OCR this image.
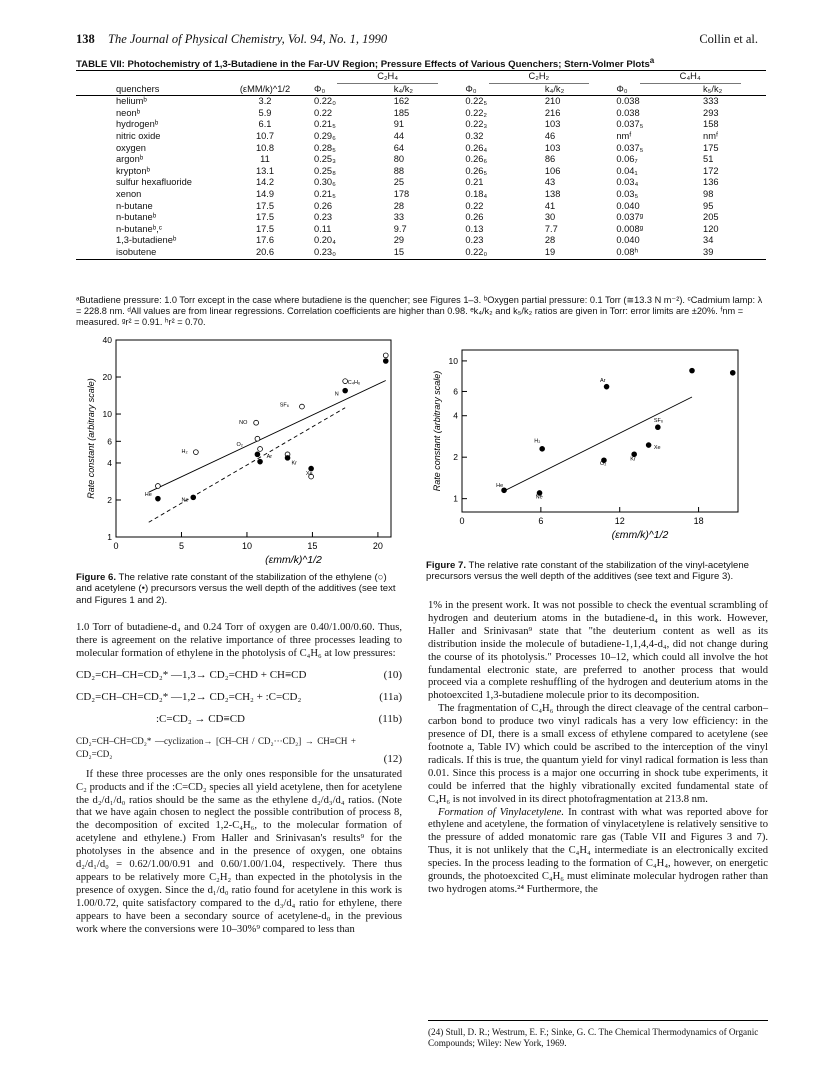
138 The Journal of Physical Chemistry, Vol. 94, No. 1, 1990	Collin et al.
TABLE VII: Photochemistry of 1,3-Butadiene in the Far-UV Region; Pressure Effects of Various Quenchers; Stern-Volmer Plots$^a$
		C₂H₄		C₂H₂		C₄H₄	
quenchers	(εMM/k)^1/2	Φ₀	k₄/k₂	Φ₀	k₄/k₂	Φ₀	k₅/k₂
heliumᵇ	3.2	0.22₀	162	0.22₅	210	0.038	333
neonᵇ	5.9	0.22	185	0.22₂	216	0.038	293
hydrogenᵇ	6.1	0.21₅	91	0.22₃	103	0.037₅	158
nitric oxide	10.7	0.29₆	44	0.32	46	nmᶠ	nmᶠ
oxygen	10.8	0.28₅	64	0.26₄	103	0.037₅	175
argonᵇ	11	0.25₃	80	0.26₆	86	0.06₇	51
kryptonᵇ	13.1	0.25₈	88	0.26₅	106	0.04₁	172
sulfur hexafluoride	14.2	0.30₆	25	0.21	43	0.03₄	136
xenon	14.9	0.21₅	178	0.18₄	138	0.03₅	98
n-butane	17.5	0.26	28	0.22	41	0.040	95
n-butaneᵇ	17.5	0.23	33	0.26	30	0.037ᵍ	205
n-butaneᵇ,ᶜ	17.5	0.11	9.7	0.13	7.7	0.008ᵍ	120
1,3-butadieneᵇ	17.6	0.20₄	29	0.23	28	0.040	34
isobutene	20.6	0.23₀	15	0.22₀	19	0.08ʰ	39
ᵃButadiene pressure: 1.0 Torr except in the case where butadiene is the quencher; see Figures 1–3. ᵇOxygen partial pressure: 0.1 Torr (≅13.3 N m⁻²). ᶜCadmium lamp: λ = 228.8 nm. ᵈAll values are from linear regressions. Correlation coefficients are higher than 0.98. ᵉk₄/k₂ and k₅/k₂ ratios are given in Torr: error limits are ±20%. ᶠnm = measured. ᵍr² = 0.91. ʰr² = 0.70.
0	5	10	15	20
1
2
4
6
10
20
40
(εmm/k)^1/2
Rate constant (arbitrary scale)	He
Ne
H₂
NO
O₂
Ar
Kr
Xe
SF₆
C₄H₆
N
Figure 6. The relative rate constant of the stabilization of the ethylene (○) and acetylene (•) precursors versus the well depth of the additives (see text and Figures 1 and 2).
0	6	12	18
1
2
4
6
10
(εmm/k)^1/2
Rate constant (arbitrary scale)	He
Ne
H₂
O₂
Ar
Kr
Xe
SF₆
Figure 7. The relative rate constant of the stabilization of the vinyl-acetylene precursors versus the well depth of the additives (see text and Figure 3).

1.0 Torr of butadiene-d₄ and 0.24 Torr of oxygen are 0.40/1.00/0.60. Thus, there is agreement on the relative importance of three processes leading to molecular formation of ethylene in the photolysis of C₄H₆ at low pressures:

CD₂=CH–CH=CD₂* —1,3→ CD₂=CHD + CH≡CD	(10)
CD₂=CH–CH=CD₂* —1,2→ CD₂=CH₂ + :C=CD₂	(11a)
:C=CD₂ → CD≡CD	(11b)
CD₂=CH–CH=CD₂* —cyclization→ [CH–CH / CD₂···CD₂] → CH≡CH + CD₂=CD₂	(12)

If these three processes are the only ones responsible for the unsaturated C₂ products and if the :C=CD₂ species all yield acetylene, then for acetylene the d₂/d₁/d₀ ratios should be the same as the ethylene d₂/d₃/d₄ ratios. (Note that we have again chosen to neglect the possible contribution of process 8, the decomposition of excited 1,2-C₄H₆, to the molecular formation of acetylene and ethylene.) From Haller and Srinivasan's results⁹ for the photolyses in the absence and in the presence of oxygen, one obtains d₂/d₁/d₀ = 0.62/1.00/0.91 and 0.60/1.00/1.04, respectively. There thus appears to be relatively more C₂H₂ than expected in the photolysis in the presence of oxygen. Since the d₁/d₀ ratio found for acetylene in this work is 1.00/0.72, quite satisfactory compared to the d₃/d₄ ratio for ethylene, there appears to have been a secondary source of acetylene-d₀ in the previous work where the conversions were 10–30%⁹ compared to less than

1% in the present work. It was not possible to check the eventual scrambling of hydrogen and deuterium atoms in the butadiene-d₄ in this work. However, Haller and Srinivasan⁹ state that "the deuterium content as well as its distribution inside the molecule of butadiene-1,1,4,4-d₄, did not change during the course of its photolysis." Processes 10–12, which could all involve the hot fundamental electronic state, are preferred to another process that would proceed via a complete reshuffling of the hydrogen and deuterium atoms in the photoexcited 1,3-butadiene molecule prior to its decomposition.

The fragmentation of C₄H₆ through the direct cleavage of the central carbon–carbon bond to produce two vinyl radicals has a very low efficiency: in the presence of DI, there is a small excess of ethylene compared to acetylene (see footnote a, Table IV) which could be ascribed to the interception of the vinyl radicals. If this is true, the quantum yield for vinyl radical formation is less than 0.01. Since this process is a major one occurring in shock tube experiments, it could be inferred that the highly vibrationally excited fundamental state of C₄H₆ is not involved in its direct photofragmentation at 213.8 nm.

Formation of Vinylacetylene. In contrast with what was reported above for ethylene and acetylene, the formation of vinylacetylene is relatively sensitive to the pressure of added monatomic rare gas (Table VII and Figures 3 and 7). Thus, it is not unlikely that the C₄H₄ intermediate is an electronically excited species. In the process leading to the formation of C₄H₄, however, on energetic grounds, the photoexcited C₄H₆ must eliminate molecular hydrogen rather than two hydrogen atoms.²⁴ Furthermore, the

(24) Stull, D. R.; Westrum, E. F.; Sinke, G. C. The Chemical Thermodynamics of Organic Compounds; Wiley: New York, 1969.
